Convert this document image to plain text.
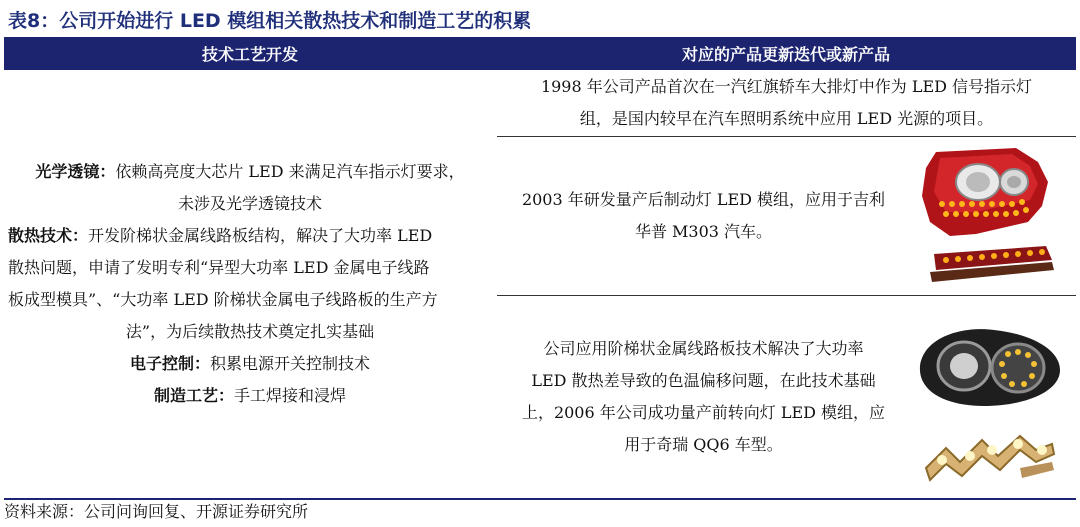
表8：公司开始进行 LED 模组相关散热技术和制造工艺的积累
技术工艺开发	对应的产品更新迭代或新产品

光学透镜：依赖高亮度大芯片 LED 来满足汽车指示灯要求，
未涉及光学透镜技术

散热技术：开发阶梯状金属线路板结构，解决了大功率 LED
散热问题，申请了发明专利“异型大功率 LED 金属电子线路
板成型模具”、“大功率 LED 阶梯状金属电子线路板的生产方

法”，为后续散热技术奠定扎实基础

电子控制：积累电源开关控制技术

制造工艺：手工焊接和浸焊

1998 年公司产品首次在一汽红旗轿车大排灯中作为 LED 信号指示灯
组，是国内较早在汽车照明系统中应用 LED 光源的项目。
2003 年研发量产后制动灯 LED 模组，应用于吉利
华普 M303 汽车。
公司应用阶梯状金属线路板技术解决了大功率
LED 散热差导致的色温偏移问题，在此技术基础
上，2006 年公司成功量产前转向灯 LED 模组，应
用于奇瑞 QQ6 车型。
资料来源：公司问询回复、开源证券研究所
